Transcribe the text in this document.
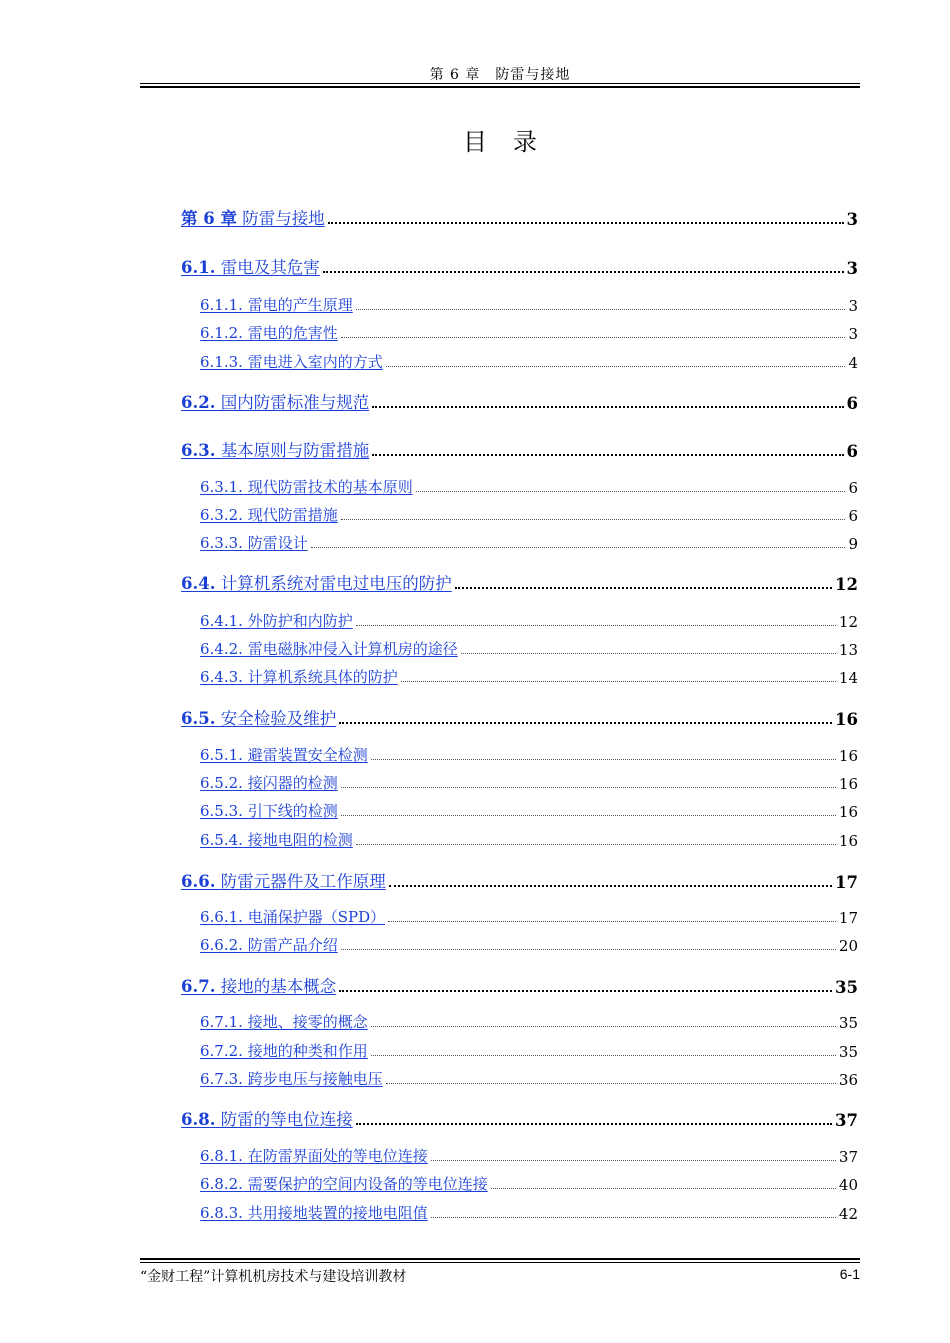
第 6 章　防雷与接地
目录
第 6 章 防雷与接地	3
6.1. 雷电及其危害	3
6.1.1. 雷电的产生原理	3
6.1.2. 雷电的危害性	3
6.1.3. 雷电进入室内的方式	4
6.2. 国内防雷标准与规范	6
6.3. 基本原则与防雷措施	6
6.3.1. 现代防雷技术的基本原则	6
6.3.2. 现代防雷措施	6
6.3.3. 防雷设计	9
6.4. 计算机系统对雷电过电压的防护	12
6.4.1. 外防护和内防护	12
6.4.2. 雷电磁脉冲侵入计算机房的途径	13
6.4.3. 计算机系统具体的防护	14
6.5. 安全检验及维护	16
6.5.1. 避雷装置安全检测	16
6.5.2. 接闪器的检测	16
6.5.3. 引下线的检测	16
6.5.4. 接地电阻的检测	16
6.6. 防雷元器件及工作原理	17
6.6.1. 电涌保护器（SPD）	17
6.6.2. 防雷产品介绍	20
6.7. 接地的基本概念	35
6.7.1. 接地、接零的概念	35
6.7.2. 接地的种类和作用	35
6.7.3. 跨步电压与接触电压	36
6.8. 防雷的等电位连接	37
6.8.1. 在防雷界面处的等电位连接	37
6.8.2. 需要保护的空间内设备的等电位连接	40
6.8.3. 共用接地装置的接地电阻值	42
“金财工程”计算机机房技术与建设培训教材	6-1
